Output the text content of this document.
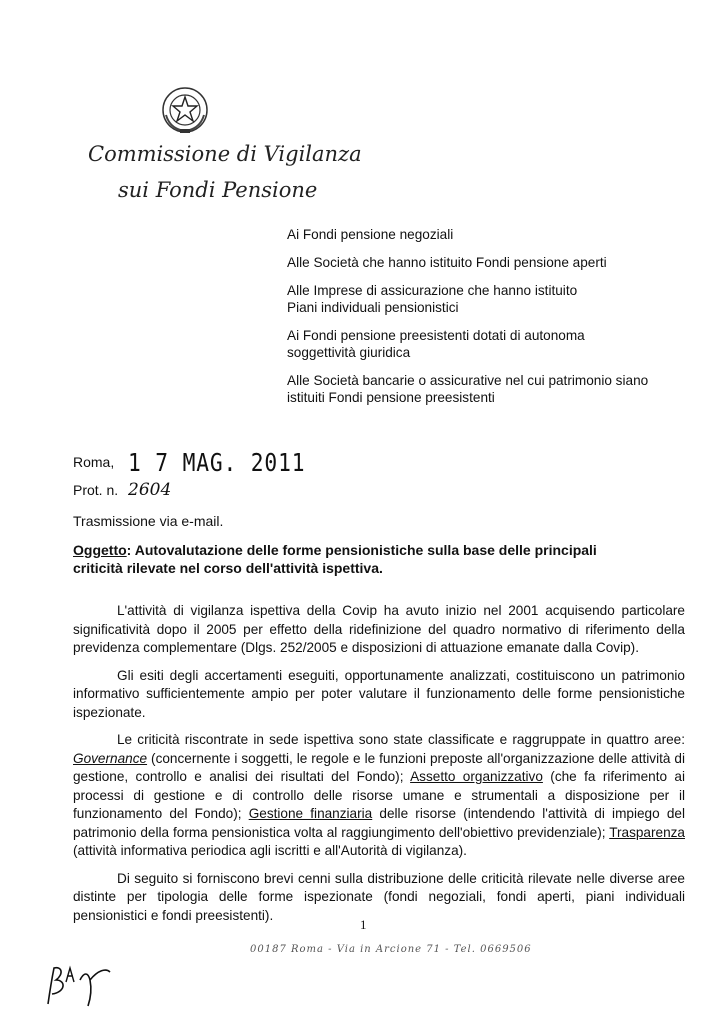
Commissione di Vigilanza
sui Fondi Pensione

Ai Fondi pensione negoziali

Alle Società che hanno istituito Fondi pensione aperti

Alle Imprese di assicurazione che hanno istituito Piani individuali pensionistici

Ai Fondi pensione preesistenti dotati di autonoma soggettività giuridica

Alle Società bancarie o assicurative nel cui patrimonio siano istituiti Fondi pensione preesistenti

Roma, 1 7 MAG. 2011
Prot. n. 2604
Trasmissione via e-mail.
Oggetto: Autovalutazione delle forme pensionistiche sulla base delle principali criticità rilevate nel corso dell'attività ispettiva.

L'attività di vigilanza ispettiva della Covip ha avuto inizio nel 2001 acquisendo particolare significatività dopo il 2005 per effetto della ridefinizione del quadro normativo di riferimento della previdenza complementare (Dlgs. 252/2005 e disposizioni di attuazione emanate dalla Covip).

Gli esiti degli accertamenti eseguiti, opportunamente analizzati, costituiscono un patrimonio informativo sufficientemente ampio per poter valutare il funzionamento delle forme pensionistiche ispezionate.

Le criticità riscontrate in sede ispettiva sono state classificate e raggruppate in quattro aree: Governance (concernente i soggetti, le regole e le funzioni preposte all'organizzazione delle attività di gestione, controllo e analisi dei risultati del Fondo); Assetto organizzativo (che fa riferimento ai processi di gestione e di controllo delle risorse umane e strumentali a disposizione per il funzionamento del Fondo); Gestione finanziaria delle risorse (intendendo l'attività di impiego del patrimonio della forma pensionistica volta al raggiungimento dell'obiettivo previdenziale); Trasparenza (attività informativa periodica agli iscritti e all'Autorità di vigilanza).

Di seguito si forniscono brevi cenni sulla distribuzione delle criticità rilevate nelle diverse aree distinte per tipologia delle forme ispezionate (fondi negoziali, fondi aperti, piani individuali pensionistici e fondi preesistenti).

1
00187 Roma - Via in Arcione 71 - Tel. 0669506
